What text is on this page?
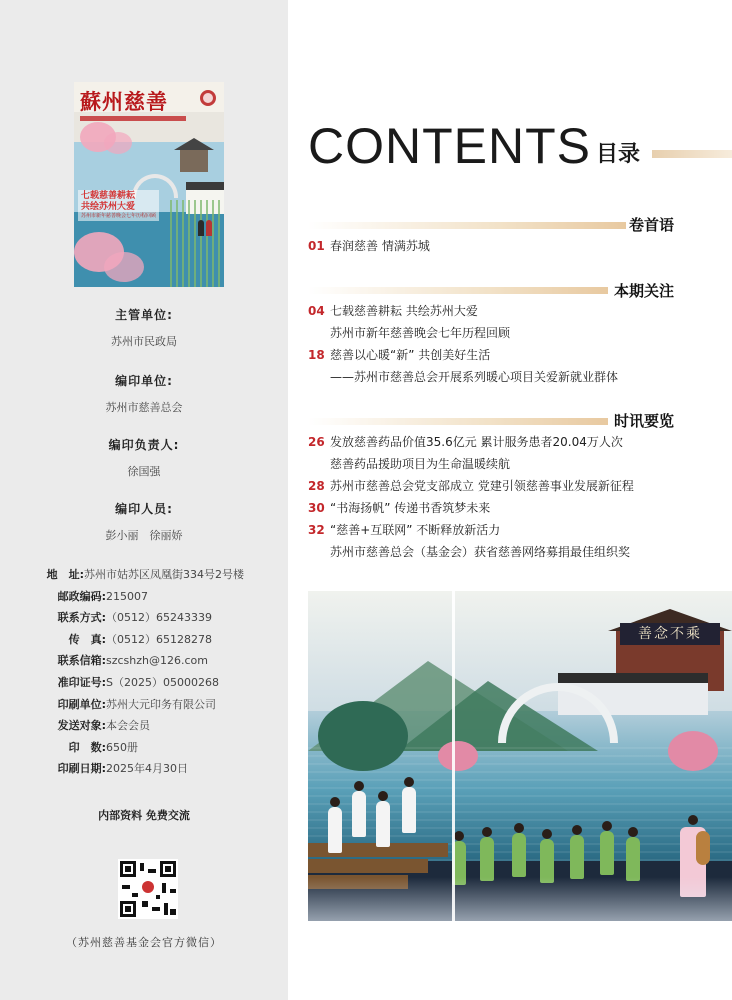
蘇州慈善
七载慈善耕耘
共绘苏州大爱
苏州市新年慈善晚会七年历程回顾
主管单位:
苏州市民政局
编印单位:
苏州市慈善总会
编印负责人:
徐国强
编印人员:
彭小丽　徐丽娇
地　址:苏州市姑苏区凤凰街334号2号楼
邮政编码:215007
联系方式:（0512）65243339
传　真:（0512）65128278
联系信箱:szcshzh@126.com
准印证号:S（2025）05000268
印刷单位:苏州大元印务有限公司
发送对象:本会会员
印　数:650册
印刷日期:2025年4月30日
内部资料 免费交流
（苏州慈善基金会官方微信）
CONTENTS 目录
卷首语
01 春润慈善 情满苏城
本期关注
04 七载慈善耕耘 共绘苏州大爱
苏州市新年慈善晚会七年历程回顾
18 慈善以心暖“新” 共创美好生活
——苏州市慈善总会开展系列暖心项目关爱新就业群体
时讯要览
26 发放慈善药品价值35.6亿元 累计服务患者20.04万人次
慈善药品援助项目为生命温暖续航
28 苏州市慈善总会党支部成立 党建引领慈善事业发展新征程
30 “书海扬帆” 传递书香筑梦未来
32 “慈善+互联网” 不断释放新活力
苏州市慈善总会（基金会）获省慈善网络募捐最佳组织奖
善念不乘
